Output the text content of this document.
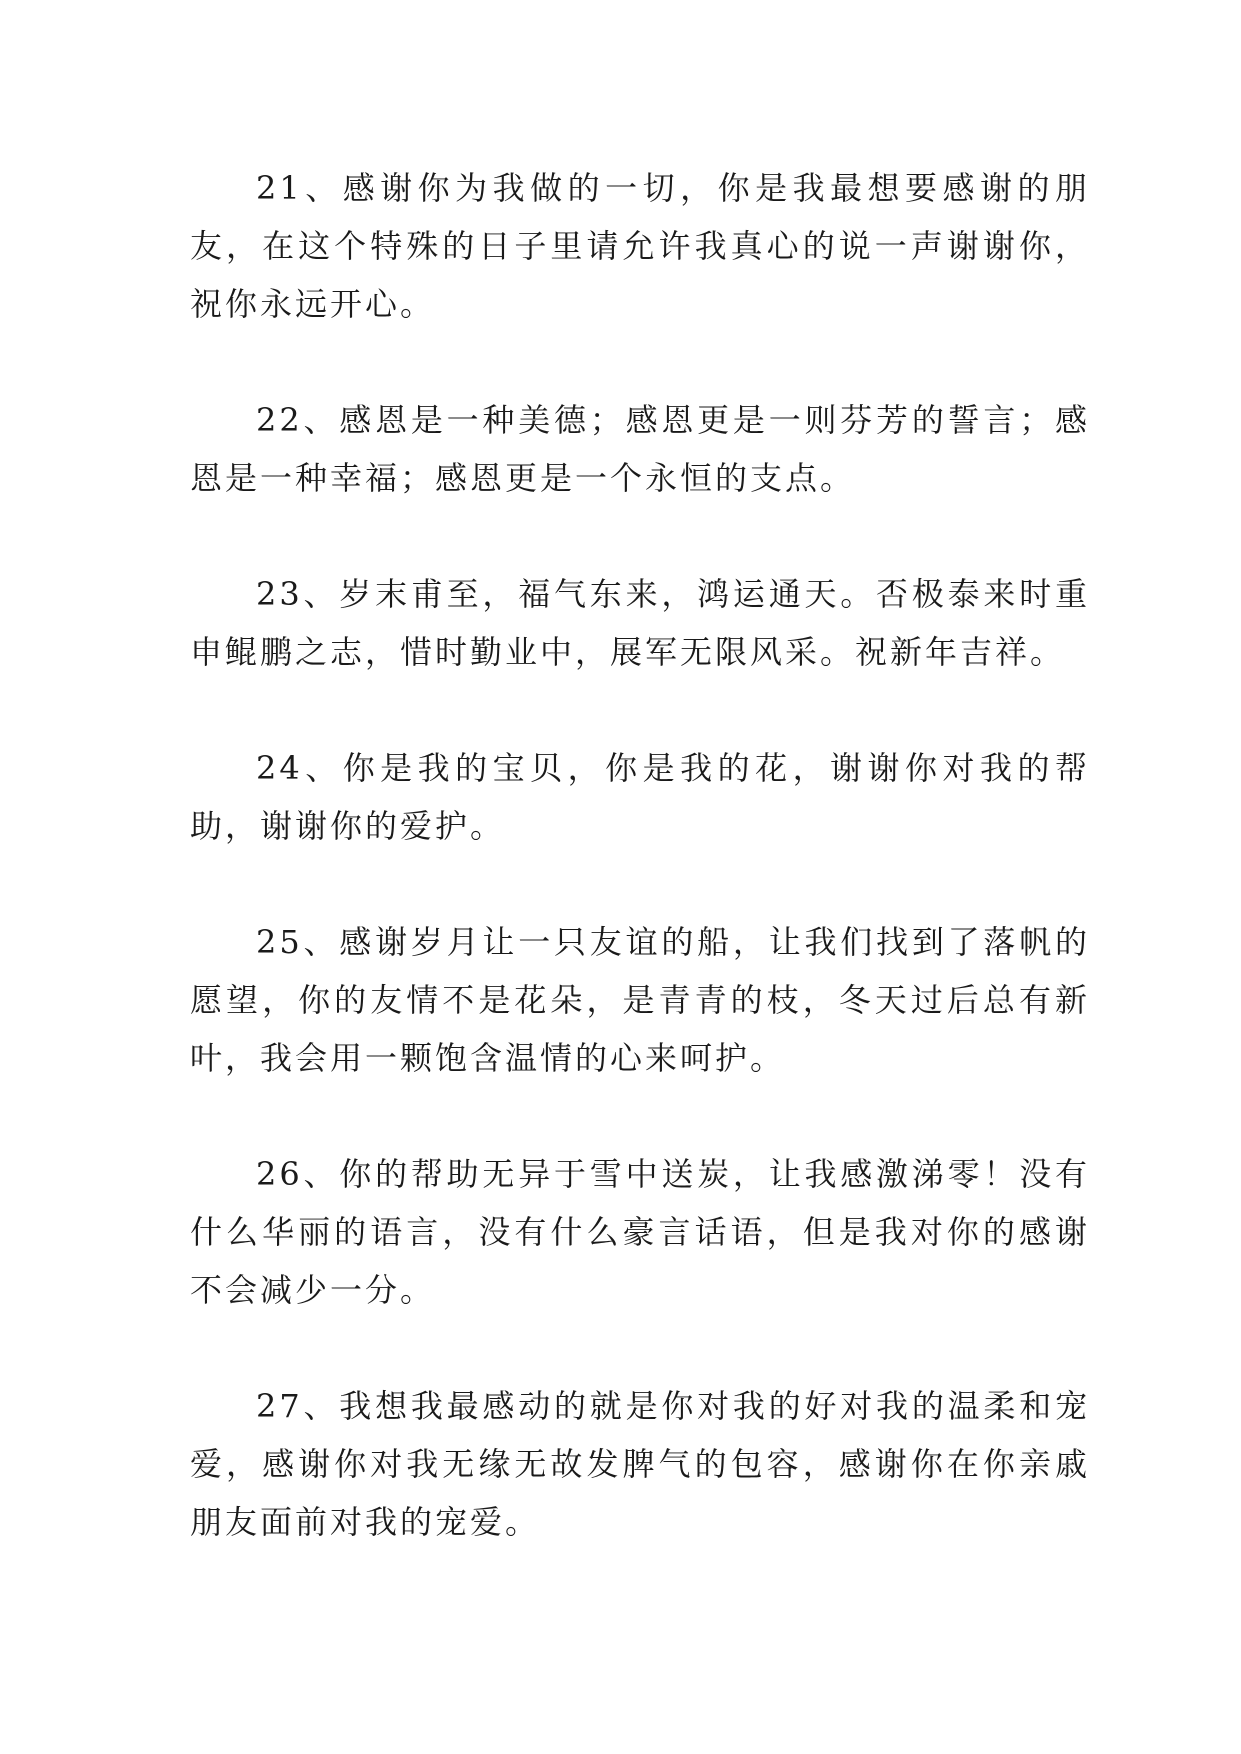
21、感谢你为我做的一切，你是我最想要感谢的朋友，在这个特殊的日子里请允许我真心的说一声谢谢你，祝你永远开心。

22、感恩是一种美德；感恩更是一则芬芳的誓言；感恩是一种幸福；感恩更是一个永恒的支点。

23、岁末甫至，福气东来，鸿运通天。否极泰来时重申鲲鹏之志，惜时勤业中，展军无限风采。祝新年吉祥。

24、你是我的宝贝，你是我的花，谢谢你对我的帮助，谢谢你的爱护。

25、感谢岁月让一只友谊的船，让我们找到了落帆的愿望，你的友情不是花朵，是青青的枝，冬天过后总有新叶，我会用一颗饱含温情的心来呵护。

26、你的帮助无异于雪中送炭，让我感激涕零！没有什么华丽的语言，没有什么豪言话语，但是我对你的感谢不会减少一分。

27、我想我最感动的就是你对我的好对我的温柔和宠爱，感谢你对我无缘无故发脾气的包容，感谢你在你亲戚朋友面前对我的宠爱。
